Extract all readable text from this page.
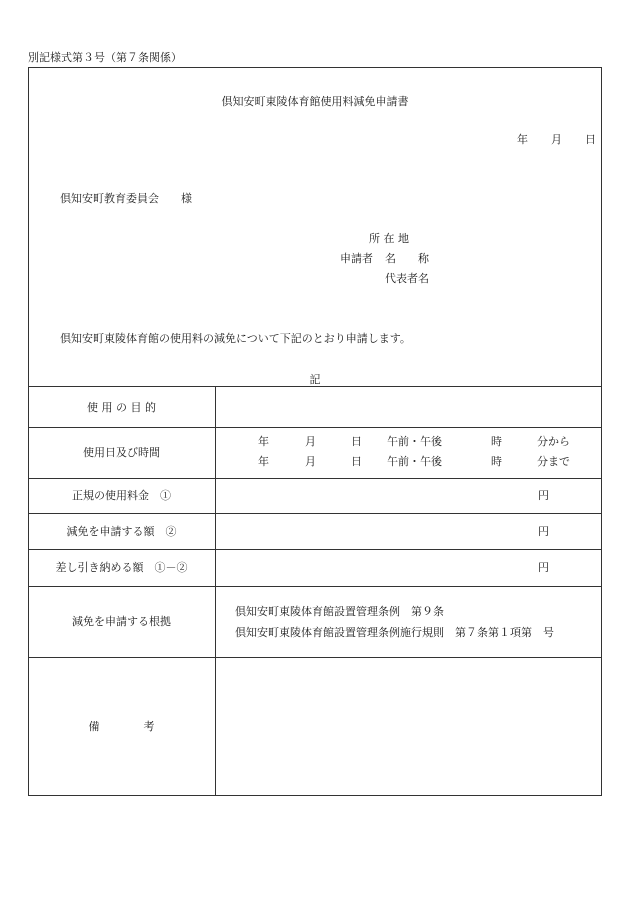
別記様式第３号（第７条関係）
倶知安町東陵体育館使用料減免申請書
年 月 日
倶知安町教育委員会　　様
所 在 地
申請者 名　　称
代表者名
倶知安町東陵体育館の使用料の減免について下記のとおり申請します。
記
使 用 の 目 的
使用日及び時間
年	月	日 午前・午後	時	分から
年	月	日 午前・午後	時	分まで
正規の使用料金　①	円
減免を申請する額　②	円
差し引き納める額　①－②	円
減免を申請する根拠
倶知安町東陵体育館設置管理条例　第９条
倶知安町東陵体育館設置管理条例施行規則　第７条第１項第　号
備　　　　考
